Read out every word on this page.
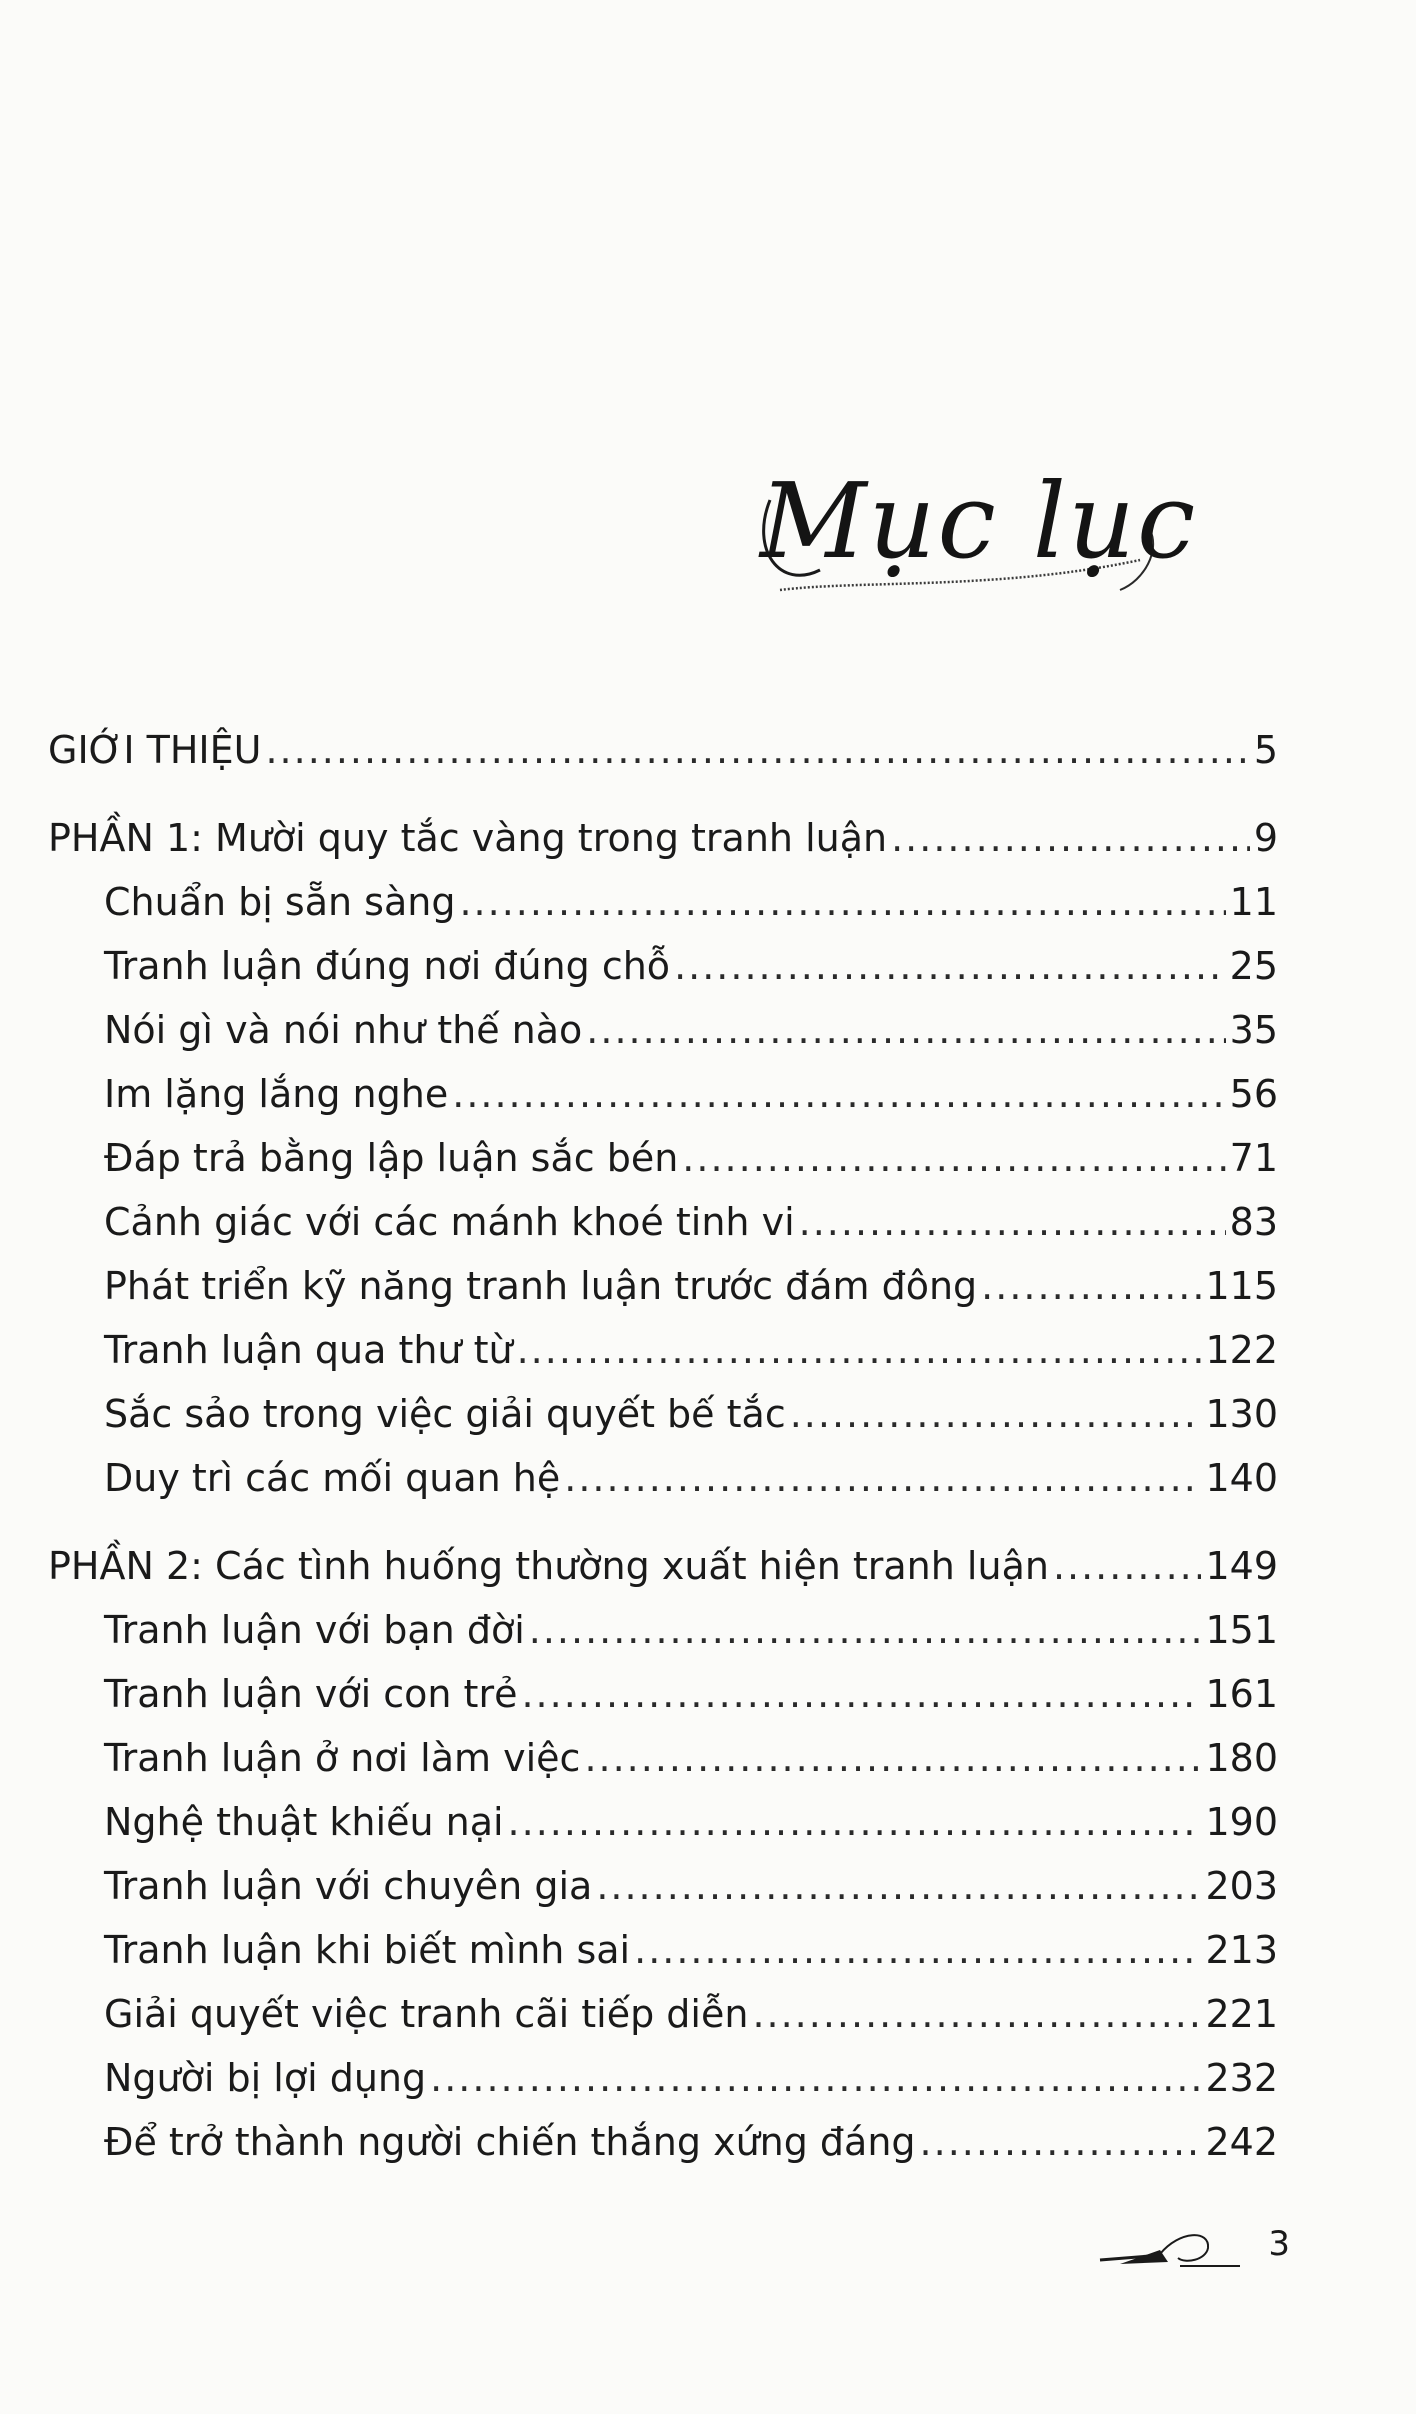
Mục lục
GIỚI THIỆU .....	5
PHẦN 1: Mười quy tắc vàng trong tranh luận .....	9
Chuẩn bị sẵn sàng .....	11
Tranh luận đúng nơi đúng chỗ .....	25
Nói gì và nói như thế nào .....	35
Im lặng lắng nghe .....	56
Đáp trả bằng lập luận sắc bén .....	71
Cảnh giác với các mánh khoé tinh vi .....	83
Phát triển kỹ năng tranh luận trước đám đông .....	115
Tranh luận qua thư từ .....	122
Sắc sảo trong việc giải quyết bế tắc .....	130
Duy trì các mối quan hệ .....	140
PHẦN 2: Các tình huống thường xuất hiện tranh luận .....	149
Tranh luận với bạn đời .....	151
Tranh luận với con trẻ .....	161
Tranh luận ở nơi làm việc .....	180
Nghệ thuật khiếu nại .....	190
Tranh luận với chuyên gia .....	203
Tranh luận khi biết mình sai .....	213
Giải quyết việc tranh cãi tiếp diễn .....	221
Người bị lợi dụng .....	232
Để trở thành người chiến thắng xứng đáng .....	242
3
